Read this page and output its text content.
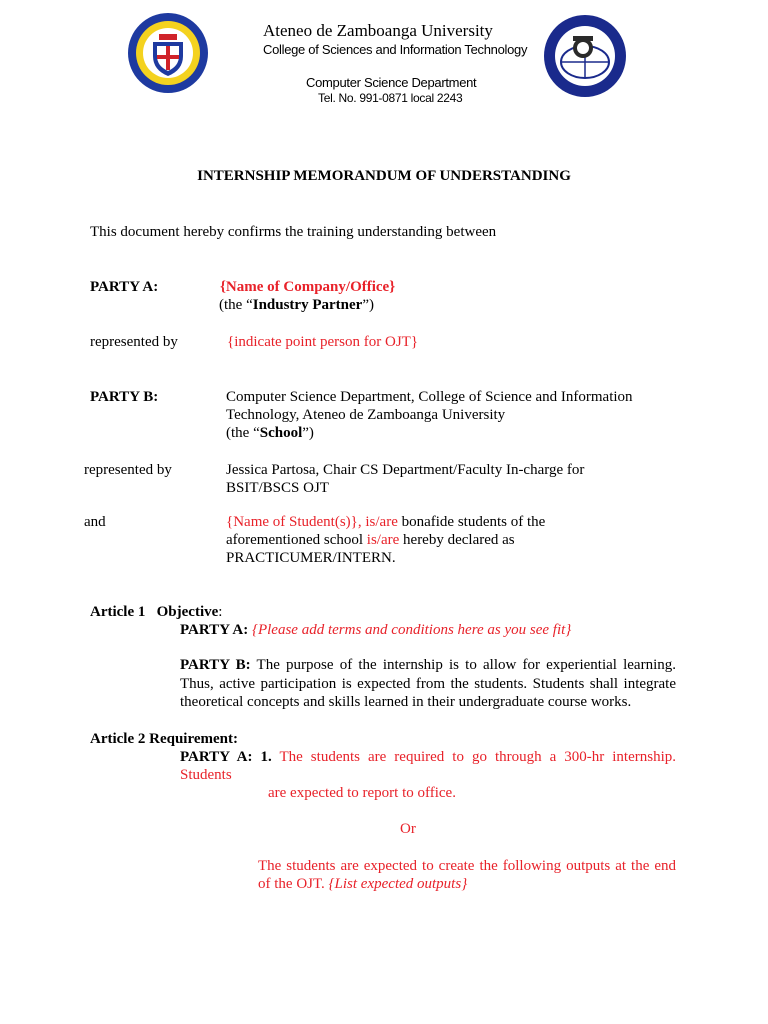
Ateneo de Zamboanga University
College of Sciences and Information Technology
Computer Science Department
Tel. No. 991-0871 local 2243
INTERNSHIP MEMORANDUM OF UNDERSTANDING
This document hereby confirms the training understanding between
PARTY A:	{Name of Company/Office}
(the “Industry Partner”)
represented by	{indicate point person for OJT}
PARTY B:	Computer Science Department, College of Science and Information
Technology, Ateneo de Zamboanga University
(the “School”)
represented by	Jessica Partosa, Chair CS Department/Faculty In-charge for
BSIT/BSCS OJT
and	{Name of Student(s)}, is/are bonafide students of the
aforementioned school is/are hereby declared as
PRACTICUMER/INTERN.
Article 1   Objective:
PARTY A: {Please add terms and conditions here as you see fit}
PARTY B: The purpose of the internship is to allow for experiential learning.
Thus, active participation is expected from the students. Students shall integrate
theoretical concepts and skills learned in their undergraduate course works.
Article 2 Requirement:
PARTY A: 1. The students are required to go through a 300-hr internship.
Students
are expected to report to office.
Or
The students are expected to create the following outputs at the end
of the OJT. {List expected outputs}
